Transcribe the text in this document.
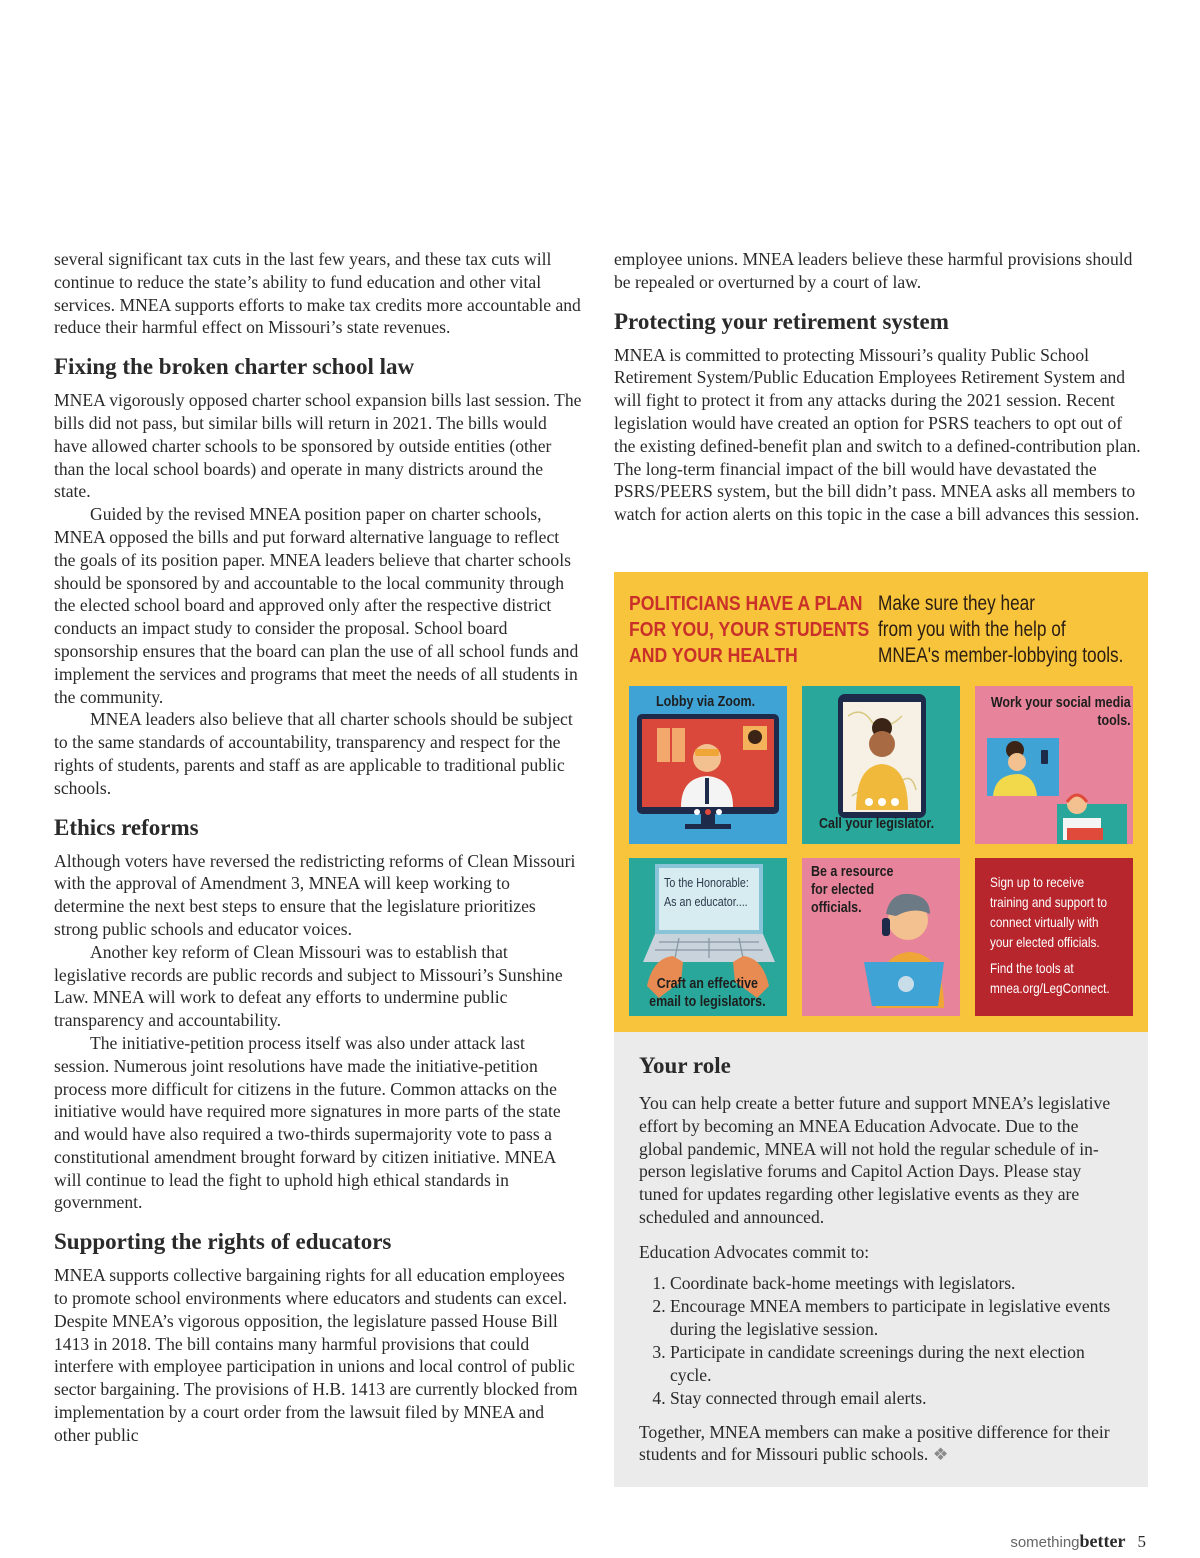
several significant tax cuts in the last few years, and these tax cuts will continue to reduce the state’s ability to fund education and other vital services. MNEA supports efforts to make tax credits more accountable and reduce their harmful effect on Missouri’s state revenues.

Fixing the broken charter school law

MNEA vigorously opposed charter school expansion bills last session. The bills did not pass, but similar bills will return in 2021. The bills would have allowed charter schools to be sponsored by outside entities (other than the local school boards) and operate in many districts around the state.

Guided by the revised MNEA position paper on charter schools, MNEA opposed the bills and put forward alternative language to reflect the goals of its position paper. MNEA leaders believe that charter schools should be sponsored by and accountable to the local community through the elected school board and approved only after the respective district conducts an impact study to consider the proposal. School board sponsorship ensures that the board can plan the use of all school funds and implement the services and programs that meet the needs of all students in the community.

MNEA leaders also believe that all charter schools should be subject to the same standards of accountability, transparency and respect for the rights of students, parents and staff as are applicable to traditional public schools.

Ethics reforms

Although voters have reversed the redistricting reforms of Clean Missouri with the approval of Amendment 3, MNEA will keep working to determine the next best steps to ensure that the legislature prioritizes strong public schools and educator voices.

Another key reform of Clean Missouri was to establish that legislative records are public records and subject to Missouri’s Sunshine Law. MNEA will work to defeat any efforts to undermine public transparency and accountability.

The initiative-petition process itself was also under attack last session. Numerous joint resolutions have made the initiative-petition process more difficult for citizens in the future. Common attacks on the initiative would have required more signatures in more parts of the state and would have also required a two-thirds supermajority vote to pass a constitutional amendment brought forward by citizen initiative. MNEA will continue to lead the fight to uphold high ethical standards in government.

Supporting the rights of educators

MNEA supports collective bargaining rights for all education employees to promote school environments where educators and students can excel. Despite MNEA’s vigorous opposition, the legislature passed House Bill 1413 in 2018. The bill contains many harmful provisions that could interfere with employee participation in unions and local control of public sector bargaining. The provisions of H.B. 1413 are currently blocked from implementation by a court order from the lawsuit filed by MNEA and other public

employee unions. MNEA leaders believe these harmful provisions should be repealed or overturned by a court of law.

Protecting your retirement system

MNEA is committed to protecting Missouri’s quality Public School Retirement System/Public Education Employees Retirement System and will fight to protect it from any attacks during the 2021 session. Recent legislation would have created an option for PSRS teachers to opt out of the existing defined-benefit plan and switch to a defined-contribution plan. The long-term financial impact of the bill would have devastated the PSRS/PEERS system, but the bill didn’t pass. MNEA asks all members to watch for action alerts on this topic in the case a bill advances this session.

POLITICIANS HAVE A PLAN
FOR YOU, YOUR STUDENTS
AND YOUR HEALTH
Make sure they hear
from you with the help of
MNEA's member-lobbying tools.
Lobby via Zoom.
Call your legislator.
Work your social media
tools.
To the Honorable:
As an educator....
Craft an effective
email to legislators.
Be a resource
for elected
officials.
Sign up to receive
training and support to
connect virtually with
your elected officials.
Find the tools at
mnea.org/LegConnect.
Your role

You can help create a better future and support MNEA’s legislative effort by becoming an MNEA Education Advocate. Due to the global pandemic, MNEA will not hold the regular schedule of in-person legislative forums and Capitol Action Days. Please stay tuned for updates regarding other legislative events as they are scheduled and announced.

Education Advocates commit to:

1. Coordinate back-home meetings with legislators.
2. Encourage MNEA members to participate in legislative events during the legislative session.
3. Participate in candidate screenings during the next election cycle.
4. Stay connected through email alerts.

Together, MNEA members can make a positive difference for their students and for Missouri public schools. ❖

somethingbetter 5
